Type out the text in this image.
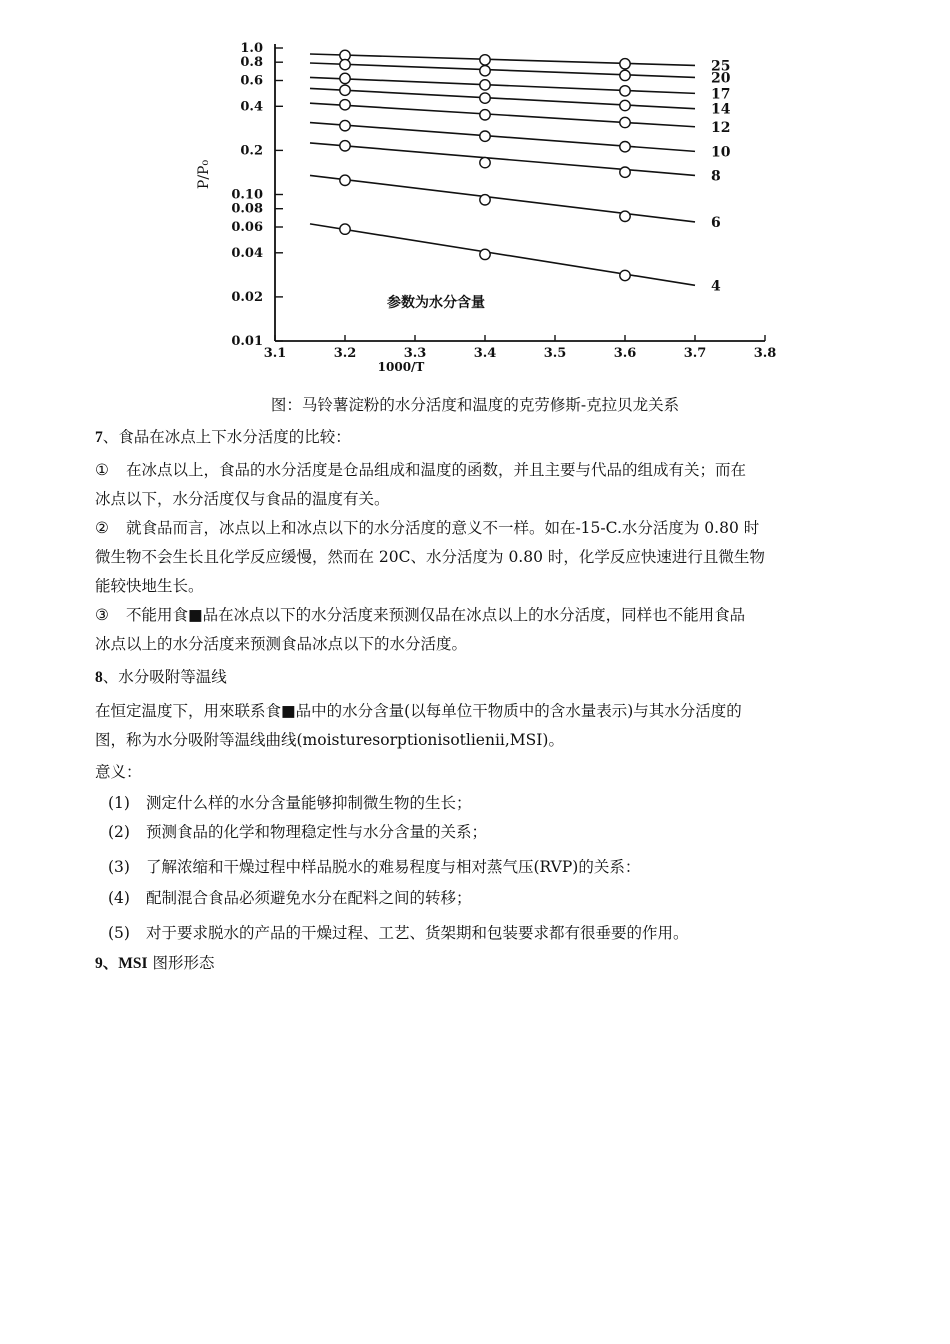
1.0
0.8
0.6
0.4
0.2
0.10
0.08
0.06
0.04
0.02
0.01
3.1	3.2	3.3	3.4	3.5	3.6	3.7	3.8
P/P₀
1000/T
参数为水分含量
25
20
17
14
12
10
8
6
4
图：马铃薯淀粉的水分活度和温度的克劳修斯-克拉贝龙关系
7、食品在冰点上下水分活度的比较：
① 在冰点以上，食品的水分活度是仓品组成和温度的函数，并且主要与代品的组成有关；而在
冰点以下，水分活度仅与食品的温度有关。
② 就食品而言，冰点以上和冰点以下的水分活度的意义不一样。如在-15-C.水分活度为 0.80 时
微生物不会生长且化学反应缓慢，然而在 20C、水分活度为 0.80 时，化学反应快速进行且微生物
能较快地生长。
③ 不能用食■品在冰点以下的水分活度来预测仅品在冰点以上的水分活度，同样也不能用食品
冰点以上的水分活度来预测食品冰点以下的水分活度。
8、水分吸附等温线
在恒定温度下，用來联系食■品中的水分含量(以每单位干物质中的含水量表示)与其水分活度的
图，称为水分吸附等温线曲线(moisturesorptionisotlienii,MSI)。
意义：
(1) 测定什么样的水分含量能够抑制微生物的生长；
(2) 预测食品的化学和物理稳定性与水分含量的关系；
(3) 了解浓缩和干燥过程中样品脱水的难易程度与相对蒸气压(RVP)的关系：
(4) 配制混合食品必须避免水分在配料之间的转移；
(5) 对于要求脱水的产品的干燥过程、工艺、货架期和包装要求都有很垂要的作用。
9、MSI 图形形态
